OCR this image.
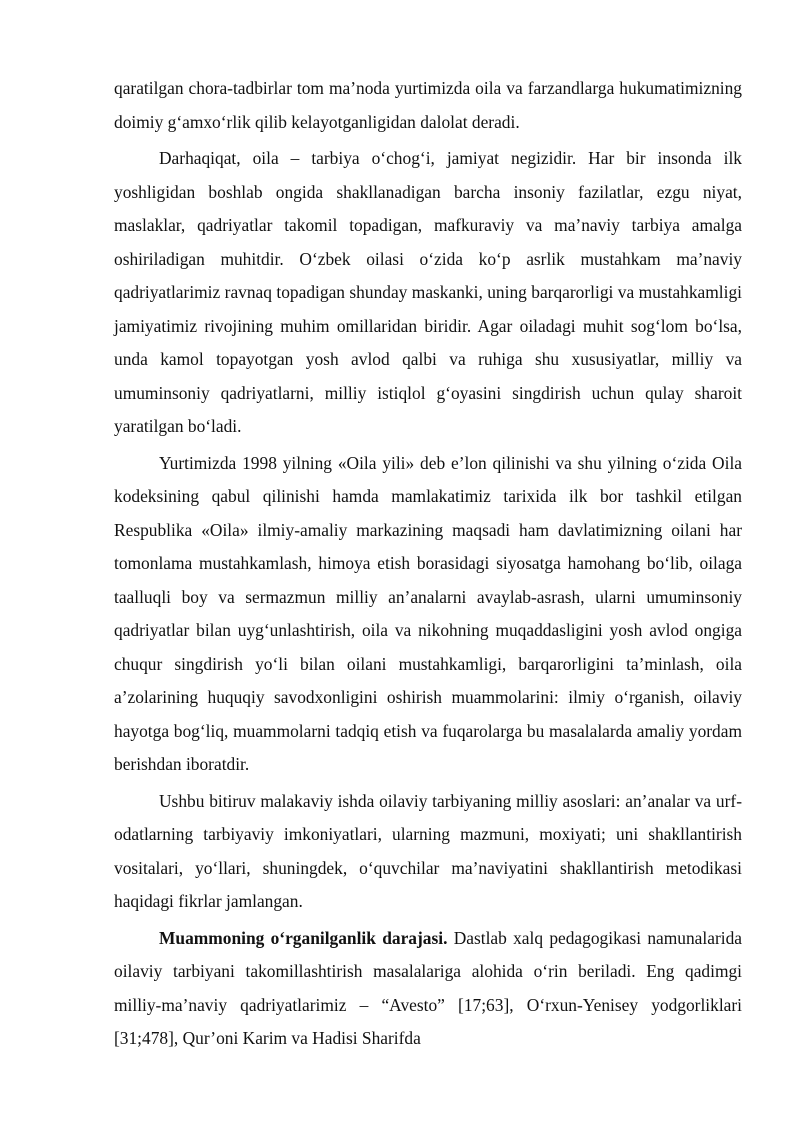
qaratilgan chora-tadbirlar tom ma’noda yurtimizda oila va farzandlarga hukumatimizning doimiy g‘amxo‘rlik qilib kelayotganligidan dalolat deradi.

Darhaqiqat, oila – tarbiya o‘chog‘i, jamiyat negizidir. Har bir insonda ilk yoshligidan boshlab ongida shakllanadigan barcha insoniy fazilatlar, ezgu niyat, maslaklar, qadriyatlar takomil topadigan, mafkuraviy va ma’naviy tarbiya amalga oshiriladigan muhitdir. O‘zbek oilasi o‘zida ko‘p asrlik mustahkam ma’naviy qadriyatlarimiz ravnaq topadigan shunday maskanki, uning barqarorligi va mustahkamligi jamiyatimiz rivojining muhim omillaridan biridir. Agar oiladagi muhit sog‘lom bo‘lsa, unda kamol topayotgan yosh avlod qalbi va ruhiga shu xususiyatlar, milliy va umuminsoniy qadriyatlarni, milliy istiqlol g‘oyasini singdirish uchun qulay sharoit yaratilgan bo‘ladi.

Yurtimizda 1998 yilning «Oila yili» deb e’lon qilinishi va shu yilning o‘zida Oila kodeksining qabul qilinishi hamda mamlakatimiz tarixida ilk bor tashkil etilgan Respublika «Oila» ilmiy-amaliy markazining maqsadi ham davlatimizning oilani har tomonlama mustahkamlash, himoya etish borasidagi siyosatga hamohang bo‘lib, oilaga taalluqli boy va sermazmun milliy an’analarni avaylab-asrash, ularni umuminsoniy qadriyatlar bilan uyg‘unlashtirish, oila va nikohning muqaddasligini yosh avlod ongiga chuqur singdirish yo‘li bilan oilani mustahkamligi, barqarorligini ta’minlash, oila a’zolarining huquqiy savodxonligini oshirish muammolarini: ilmiy o‘rganish, oilaviy hayotga bog‘liq, muammolarni tadqiq etish va fuqarolarga bu masalalarda amaliy yordam berishdan iboratdir.

Ushbu bitiruv malakaviy ishda oilaviy tarbiyaning milliy asoslari: an’analar va urf-odatlarning tarbiyaviy imkoniyatlari, ularning mazmuni, moxiyati; uni shakllantirish vositalari, yo‘llari, shuningdek, o‘quvchilar ma’naviyatini shakllantirish metodikasi haqidagi fikrlar jamlangan.

Muammoning o‘rganilganlik darajasi. Dastlab xalq pedagogikasi namunalarida oilaviy tarbiyani takomillashtirish masalalariga alohida o‘rin beriladi. Eng qadimgi milliy-ma’naviy qadriyatlarimiz – “Avesto” [17;63], O‘rxun-Yenisey yodgorliklari [31;478], Qur’oni Karim va Hadisi Sharifda
